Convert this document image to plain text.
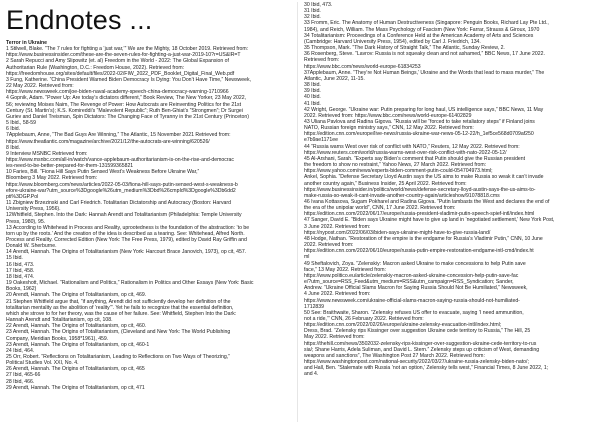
Endnotes ...
Terror in Ukraine
1 Stilwell, Blake. “The 7 rules for fighting a ‘just war,’” We are the Mighty, 18 October 2019. Retrieved from:
https://www.businessinsider.com/these-are-the-seven-rules-for-fighting-a-just-war-2019-10?r=US&IR=T
2 Sarah Repucci and Amy Slipowitz (et. al) Freedom in the World - 2022: The Global Expansion of
Authoritarian Rule (Washington, D.C.: Freedom House, 2022). Retrieved from:
https://freedomhouse.org/sites/default/files/2022-02/FIW_2022_PDF_Booklet_Digital_Final_Web.pdf
3 Fung, Katherine. “China President Warned Biden Democracy Is Dying: You Don’t Have Time,” Newsweek,
22 May 2022. Retrieved from:
https://www.newsweek.com/joe-biden-naval-academy-speech-china-democracy-warning-1710966
4 Gopnik, Adam. “Power Up: Are today’s dictators different,” Book Review, The New Yorker, 23 May 2022,
56; reviewing Moises Naim, The Revenge of Power: How Autocrats are Reinventing Politics for the 21st
Century (St. Martin’s); K.S. Komireddi’s “Malevolent Republic”; Ruth Ben-Ghiat’s “Strongmen”; Dr Surgei
Guriev and Daniel Treisman, Spin Dictators: The Changing Face of Tyranny in the 21st Century (Princeton)
5 Ibid., 58-59
6 Ibid.
7Applebaum, Anne, “The Bad Guys Are Winning,” The Atlantic, 15 November 2021 Retrieved from:
https://www.theatlantic.com/magazine/archive/2021/12/the-autocrats-are-winning/620526/
8 Ibid.
9 Interview MSNBC Retrieved from:
https://www.msnbc.com/all-in/watch/vance-applebaum-authoritarianism-is-on-the-rise-and-democrac
ies-need-to-be-better-prepared-for-them-131599365821
10 Faries, Bill. “Fiona Hill Says Putin Sensed West’s Weakness Before Ukraine War,”
Bloomberg 3 May 2022. Retrieved from:
https://www.bloomberg.com/news/articles/2022-05-03/fiona-hill-says-putin-sensed-west-s-weakness-b
efore-ukraine-war?utm_source%3Dgoogle%26utm_medium%3Dbd%26cmpId%3Dgoogle%3Db6dd2
pti%3DGP.Pol
11 Zbigniew Brzezinski and Carl Friedrich. Totalitarian Dictatorship and Autocracy (Boston: Harvard
University Press, 1956).
12Whitfield, Stephen. Into the Dark: Hannah Arendt and Totalitarianism (Philadelphia: Temple University
Press, 1980), 95.
13 According to Whitehead in Process and Reality, uprootedness is the foundation of the abstraction: ‘to be
torn up by the roots.’ And the creation of the idea is described as a tearing. See: Whitehead, Alfred North.
Process and Reality. Corrected Edition (New York: The Free Press, 1979), edited by David Ray Griffin and
Donald W. Sherburne.
14 Arendt, Hannah. The Origins of Totalitarianism (New York: Harcourt Brace Janovich, 1973), op cit, 457.
15 Ibid.
16 Ibid, 473.
17 Ibid, 458.
18 Ibid, 474.
19 Oakeshott, Michael. “Rationalism and Politics,” Rationalism in Politics and Other Essays (New York: Basic
Books, 1962)
20 Arendt, Hannah. The Origins of Totalitarianism, op cit, 469.
21 Stephen Whitfield argue that, “if anything, Arendt did not sufficiently develop her definition of the
totalitarian mentality as the abolition of ‘reality’”. Yet he fails to recognize that the essential definition,
which she strove to for her theory, was the cause of her failure. See: Whitfield, Stephen Into the Dark:
Hannah Arendt and Totalitarianism, op cit, 108.
22 Arendt, Hannah. The Origins of Totalitarianism, op cit, 460.
23 Arendt, Hannah. The Origins of Totalitarianism, (Cleveland and New York: The World Publishing
Company, Meridian Books, 1958*1961), 459.
23 Arendt, Hannah. The Origins of Totalitarianism, op cit, 460-1
24 Ibid, 464.
25 Orr, Robert. “Reflections on Totalitarianism, Leading to Reflections on Two Ways of Theorizing,”
Political Studies Vol. XXI, No. 4.
26 Arendt, Hannah. The Origins of Totalitarianism, op cit, 465
27 Ibid, 465-66
28 Ibid, 466.
29 Arendt, Hannah. The Origins of Totalitarianism, op cit, 471
30 Ibid, 473.
31 Ibid.
32 Ibid.
33 Fromm, Eric. The Anatomy of Human Destructiveness (Singapore: Penguin Books, Richard Lay Pte Ltd.,
1984), and Reich, William. The Mass Psychology of Fascism (New York: Farrar, Strauss & Giroux, 1970
34 Totalitarianism: Proceedings of a Conference Held at the American Academy of Arts and Sciences
(Cambridge: Harvard University Press, 1954), edited by Carl J. Friedrich, 134.
35 Thompson, Mark. “The Dark History of Straight Talk,” The Atlantic, Sunday Review, 2.
36 Rosenberg, Steve. “Lavrov: Russia is not squeaky clean and not ashamed,” BBC News, 17 June 2022.
Retrieved from:
https://www.bbc.com/news/world-europe-61834253
37Applebaum, Anne. “They’re Not Human Beings,’ Ukraine and the Words that lead to mass murder,” The
Atlantic, June 2022, 11-15.
38 Ibid.
39 Ibid.
40 Ibid.
41 Ibid.
42 Wright, George. “Ukraine war: Putin preparing for long haul, US intelligence says,” BBC News, 11 May
2022. Retrieved from: https://www.bbc.com/news/world-europe-61402829
43 Uliana Pavlova and Radina Gigova. “Russia will be “forced to take retaliatory steps” if Finland joins
NATO, Russian foreign ministry says,” CNN, 12 May 2022. Retrieved from:
https://edition.cnn.com/europe/live-news/russia-ukraine-war-news-05-12-22/h_1ef5ce568d0709af250
e7b9ae1171ee
44 “Russia warns West over risk of conflict with NATO,” Reuters, 12 May 2022. Retrieved from:
https://www.reuters.com/world/russia-warns-west-over-risk-conflict-with-nato-2022-05-12/
45 Al-Arshani, Sarah. “Experts say Biden’s comment that Putin should give the Russian president
the freedom to show no restraint,” Yahoo News, 27 March 2022. Retrieved from:
https://www.yahoo.com/news/experts-biden-comment-putin-could-054704973.html;
Ankel, Sophia. “Defense Secretary Lloyd Austin says the US aims to make Russia so weak it can’t invade
another country again,” Business Insider, 25 April 2022. Retrieved from:
https://www.businessinsider.in/politics/world/news/defense-secretary-lloyd-austin-says-the-us-aims-to-
make-russia-so-weak-it-cant-invade-another-country-again/articleshow/91078818.cms
46 Ivana Kottasova, Sugam Pokharel and Radina Gigova. “Putin lambasts the West and declares the end of
the era of the unipolar world”, CNN, 17 June 2022. Retrieved from:
https://edition.cnn.com/2022/06/17/europe/russia-president-vladimir-putin-speech-spief-intl/index.html
47 Sanger, David E. “Biden says Ukraine might have to give up land in ‘negotiated settlement,’ New York Post,
3 June 2022. Retrieved from:
https://nypost.com/2022/06/03/biden-says-ukraine-might-have-to-give-russia-land/
48 Hodge, Nathan. “Restoration of the empire is the endgame for Russia’s Vladimir Putin,” CNN, 10 June
2022. Retrieved from:
https://edition.cnn.com/2022/06/10/europe/russia-putin-empire-restoration-endgame-intl-cmd/index.ht
ml
49 Sheftalovich, Zoya. “Zelenskiy: Macron asked Ukraine to make concessions to help Putin save
face,” 13 May 2022. Retrieved from:
https://www.politico.eu/article/zelenskiy-macron-asked-ukraine-concession-help-putin-save-fac
e/?utm_source=RSS_Feed&utm_medium=RSS&utm_campaign=RSS_Syndication; Sander,
Andrew. “Ukraine Official Slams Macron for Saying Russia Should Not Be Humiliated,” Newsweek,
4 June 2022. Retrieved from:
https://www.newsweek.com/ukraine-official-slams-macron-saying-russia-should-not-humiliated-
1712839
50 See: Braithwaite, Sharon. “Zelensky refuses US offer to evacuate, saying ‘I need ammunition,
not a ride,’” CNN, 26 February 2022. Retrieved from:
https://edition.cnn.com/2022/02/26/europe/ukraine-zelensky-evacuation-intl/index.html;
Dress, Brad. “Zelensky rips Kissinger over suggestion Ukraine cede territory to Russia,” The Hill, 25
May 2022. Retrieved from:
https://thehill.com/news/3502032-zelensky-rips-kissinger-over-suggestion-ukraine-cede-territory-to-rus
sia/; Shane Harris, Adela Suliman, and David L. Stern.” Zelensky steps up criticism of West, demanding
weapons and sanctions”, The Washington Post 27 March 2022. Retrieved from:
https://www.washingtonpost.com/national-security/2022/03/27/ukraine-russia-zelensky-biden-nato/;
and Hall, Ben. “Stalemate with Russia ‘not an option,’ Zelensky tells west,” Financial Times, 8 June 2022, 1;
and 4.
